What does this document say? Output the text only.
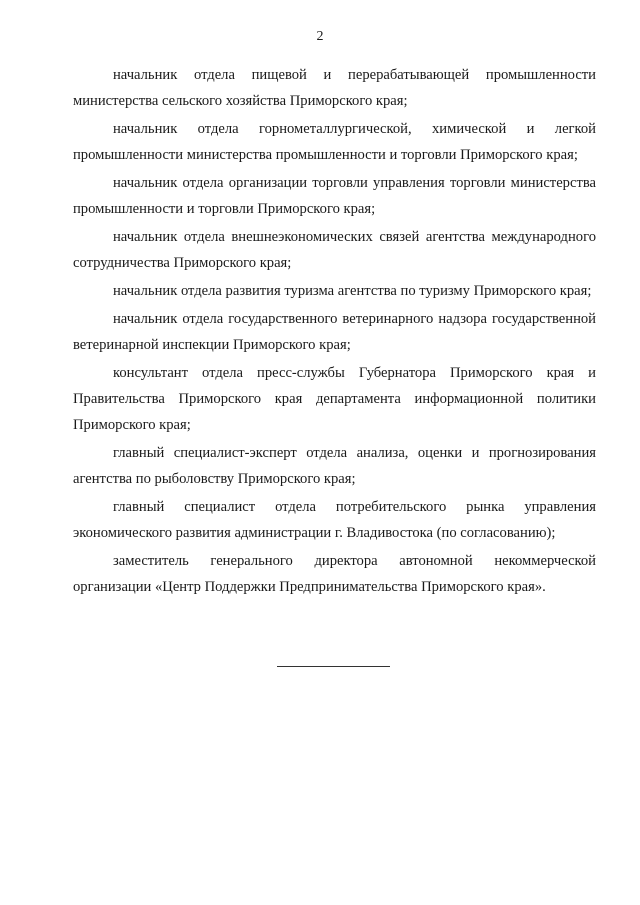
2

начальник отдела пищевой и перерабатывающей промышленности министерства сельского хозяйства Приморского края;

начальник отдела горнометаллургической, химической и легкой промышленности министерства промышленности и торговли Приморского края;

начальник отдела организации торговли управления торговли министерства промышленности и торговли Приморского края;

начальник отдела внешнеэкономических связей агентства международного сотрудничества Приморского края;

начальник отдела развития туризма агентства по туризму Приморского края;

начальник отдела государственного ветеринарного надзора государственной ветеринарной инспекции Приморского края;

консультант отдела пресс-службы Губернатора Приморского края и Правительства Приморского края департамента информационной политики Приморского края;

главный специалист-эксперт отдела анализа, оценки и прогнозирования агентства по рыболовству Приморского края;

главный специалист отдела потребительского рынка управления экономического развития администрации г. Владивостока (по согласованию);

заместитель генерального директора автономной некоммерческой организации «Центр Поддержки Предпринимательства Приморского края».
